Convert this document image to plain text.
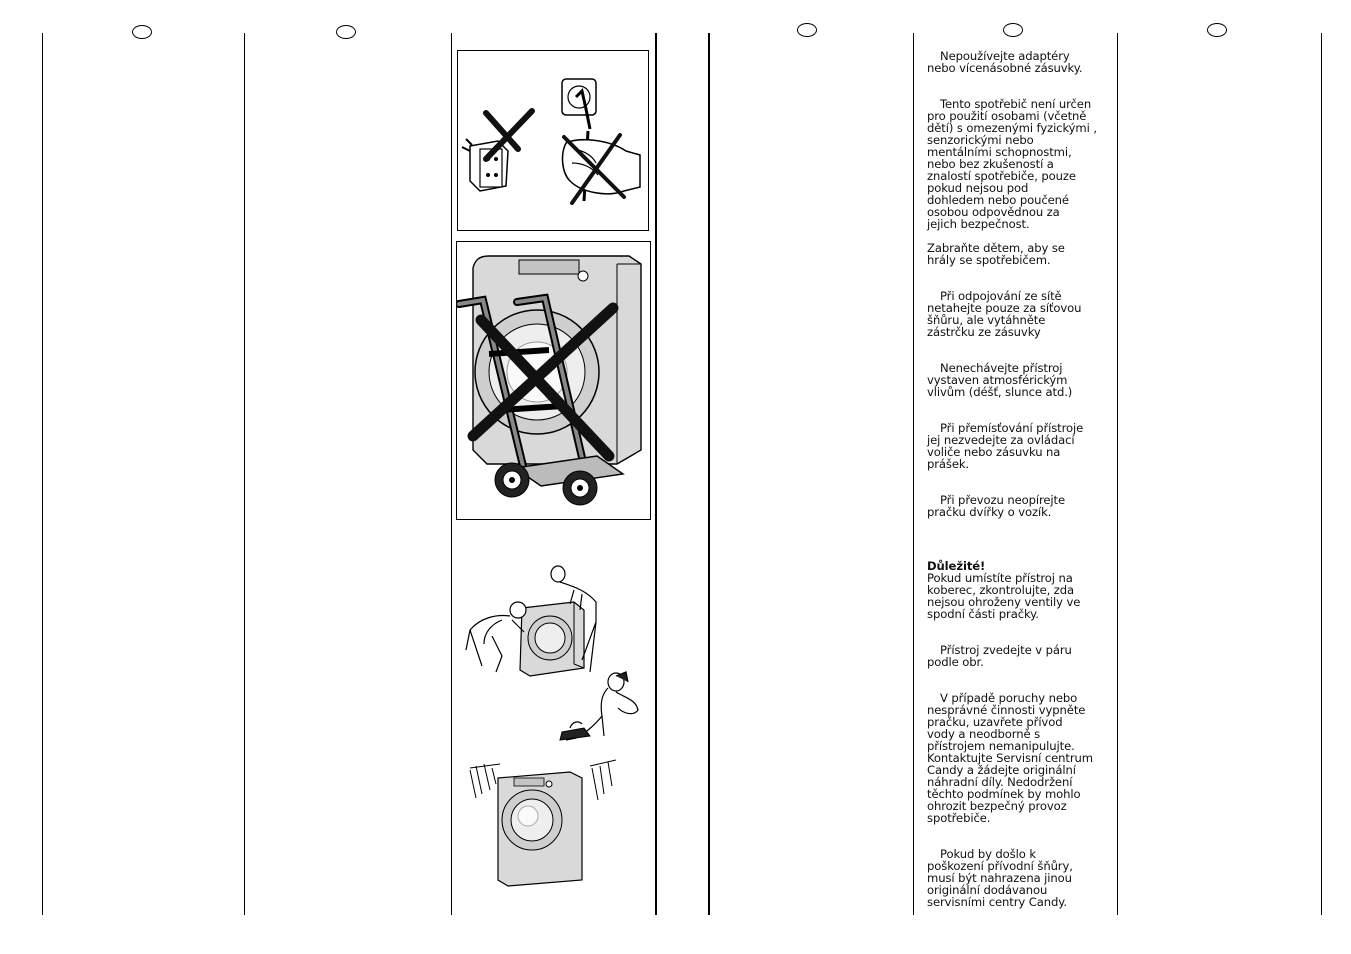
Nepoužívejte adaptéry
nebo vícenásobné zásuvky.

Tento spotřebič není určen
pro použití osobami (včetně
dětí) s omezenými fyzickými ,
senzorickými nebo
mentálními schopnostmi,
nebo bez zkušeností a
znalostí spotřebiče, pouze
pokud nejsou pod
dohledem nebo poučené
osobou odpovědnou za
jejich bezpečnost.

Zabraňte dětem, aby se
hrály se spotřebičem.

Při odpojování ze sítě
netahejte pouze za síťovou
šňůru, ale vytáhněte
zástrčku ze zásuvky

Nenechávejte přístroj
vystaven atmosférickým
vlivům (déšť, slunce atd.)

Při přemísťování přístroje
jej nezvedejte za ovládací
voliče nebo zásuvku na
prášek.

Při převozu neopírejte
pračku dvířky o vozík.

Důležité!

Pokud umístíte přístroj na
koberec, zkontrolujte, zda
nejsou ohroženy ventily ve
spodní části pračky.

Přístroj zvedejte v páru
podle obr.

V případě poruchy nebo
nesprávné činnosti vypněte
pračku, uzavřete přívod
vody a neodborně s
přístrojem nemanipulujte.
Kontaktujte Servisní centrum
Candy a žádejte originální
náhradní díly. Nedodržení
těchto podmínek by mohlo
ohrozit bezpečný provoz
spotřebiče.

Pokud by došlo k
poškození přívodní šňůry,
musí být nahrazena jinou
originální dodávanou
servisními centry Candy.
